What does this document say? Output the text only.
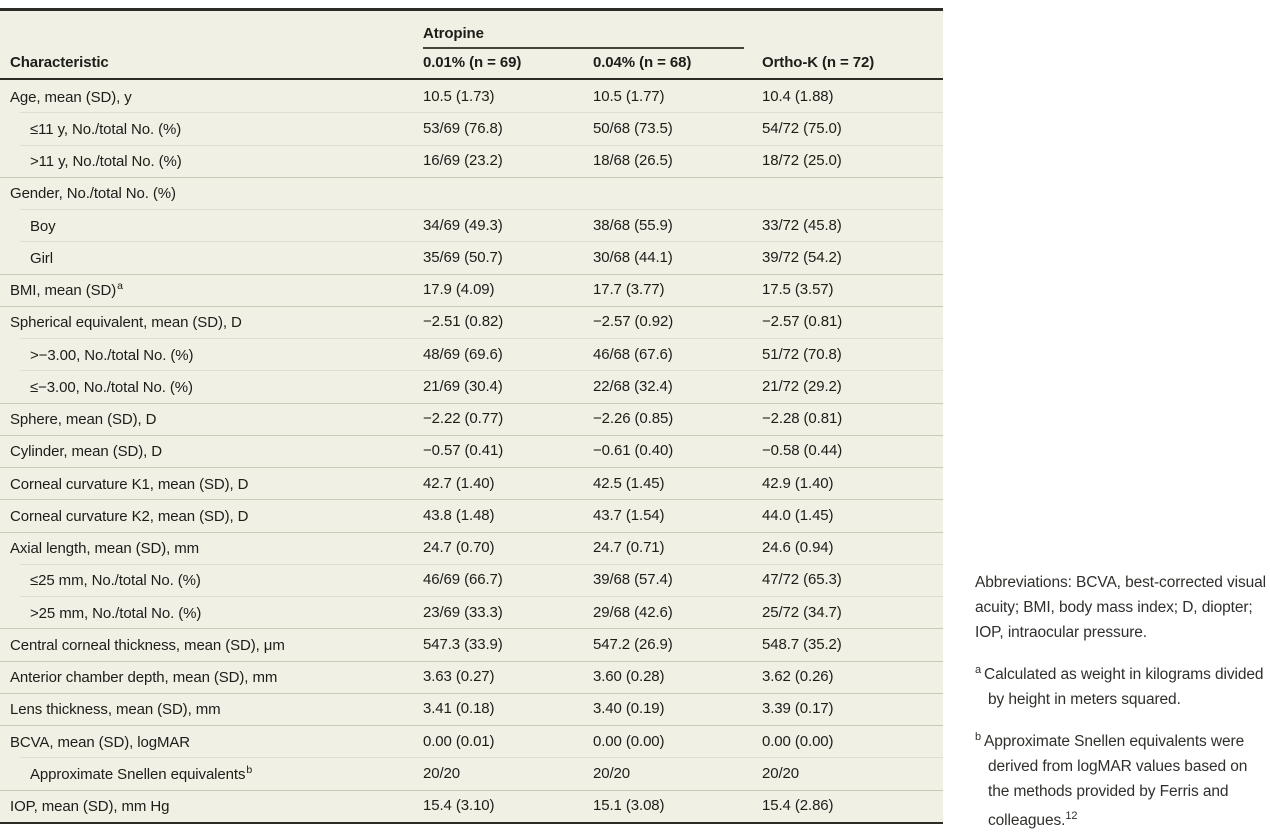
Atropine
Characteristic	0.01% (n = 69)	0.04% (n = 68)	Ortho-K (n = 72)
Age, mean (SD), y	10.5 (1.73)	10.5 (1.77)	10.4 (1.88)
≤11 y, No./total No. (%)	53/69 (76.8)	50/68 (73.5)	54/72 (75.0)
>11 y, No./total No. (%)	16/69 (23.2)	18/68 (26.5)	18/72 (25.0)
Gender, No./total No. (%)
Boy	34/69 (49.3)	38/68 (55.9)	33/72 (45.8)
Girl	35/69 (50.7)	30/68 (44.1)	39/72 (54.2)
BMI, mean (SD)$^a$	17.9 (4.09)	17.7 (3.77)	17.5 (3.57)
Spherical equivalent, mean (SD), D	−2.51 (0.82)	−2.57 (0.92)	−2.57 (0.81)
>−3.00, No./total No. (%)	48/69 (69.6)	46/68 (67.6)	51/72 (70.8)
≤−3.00, No./total No. (%)	21/69 (30.4)	22/68 (32.4)	21/72 (29.2)
Sphere, mean (SD), D	−2.22 (0.77)	−2.26 (0.85)	−2.28 (0.81)
Cylinder, mean (SD), D	−0.57 (0.41)	−0.61 (0.40)	−0.58 (0.44)
Corneal curvature K1, mean (SD), D	42.7 (1.40)	42.5 (1.45)	42.9 (1.40)
Corneal curvature K2, mean (SD), D	43.8 (1.48)	43.7 (1.54)	44.0 (1.45)
Axial length, mean (SD), mm	24.7 (0.70)	24.7 (0.71)	24.6 (0.94)
≤25 mm, No./total No. (%)	46/69 (66.7)	39/68 (57.4)	47/72 (65.3)
>25 mm, No./total No. (%)	23/69 (33.3)	29/68 (42.6)	25/72 (34.7)
Central corneal thickness, mean (SD), μm	547.3 (33.9)	547.2 (26.9)	548.7 (35.2)
Anterior chamber depth, mean (SD), mm	3.63 (0.27)	3.60 (0.28)	3.62 (0.26)
Lens thickness, mean (SD), mm	3.41 (0.18)	3.40 (0.19)	3.39 (0.17)
BCVA, mean (SD), logMAR	0.00 (0.01)	0.00 (0.00)	0.00 (0.00)
Approximate Snellen equivalents$^b$	20/20	20/20	20/20
IOP, mean (SD), mm Hg	15.4 (3.10)	15.1 (3.08)	15.4 (2.86)

Abbreviations: BCVA, best-corrected visual acuity; BMI, body mass index; D, diopter; IOP, intraocular pressure.

$^a$ Calculated as weight in kilograms divided by height in meters squared.

$^b$ Approximate Snellen equivalents were derived from logMAR values based on the methods provided by Ferris and colleagues.$^{12}$
